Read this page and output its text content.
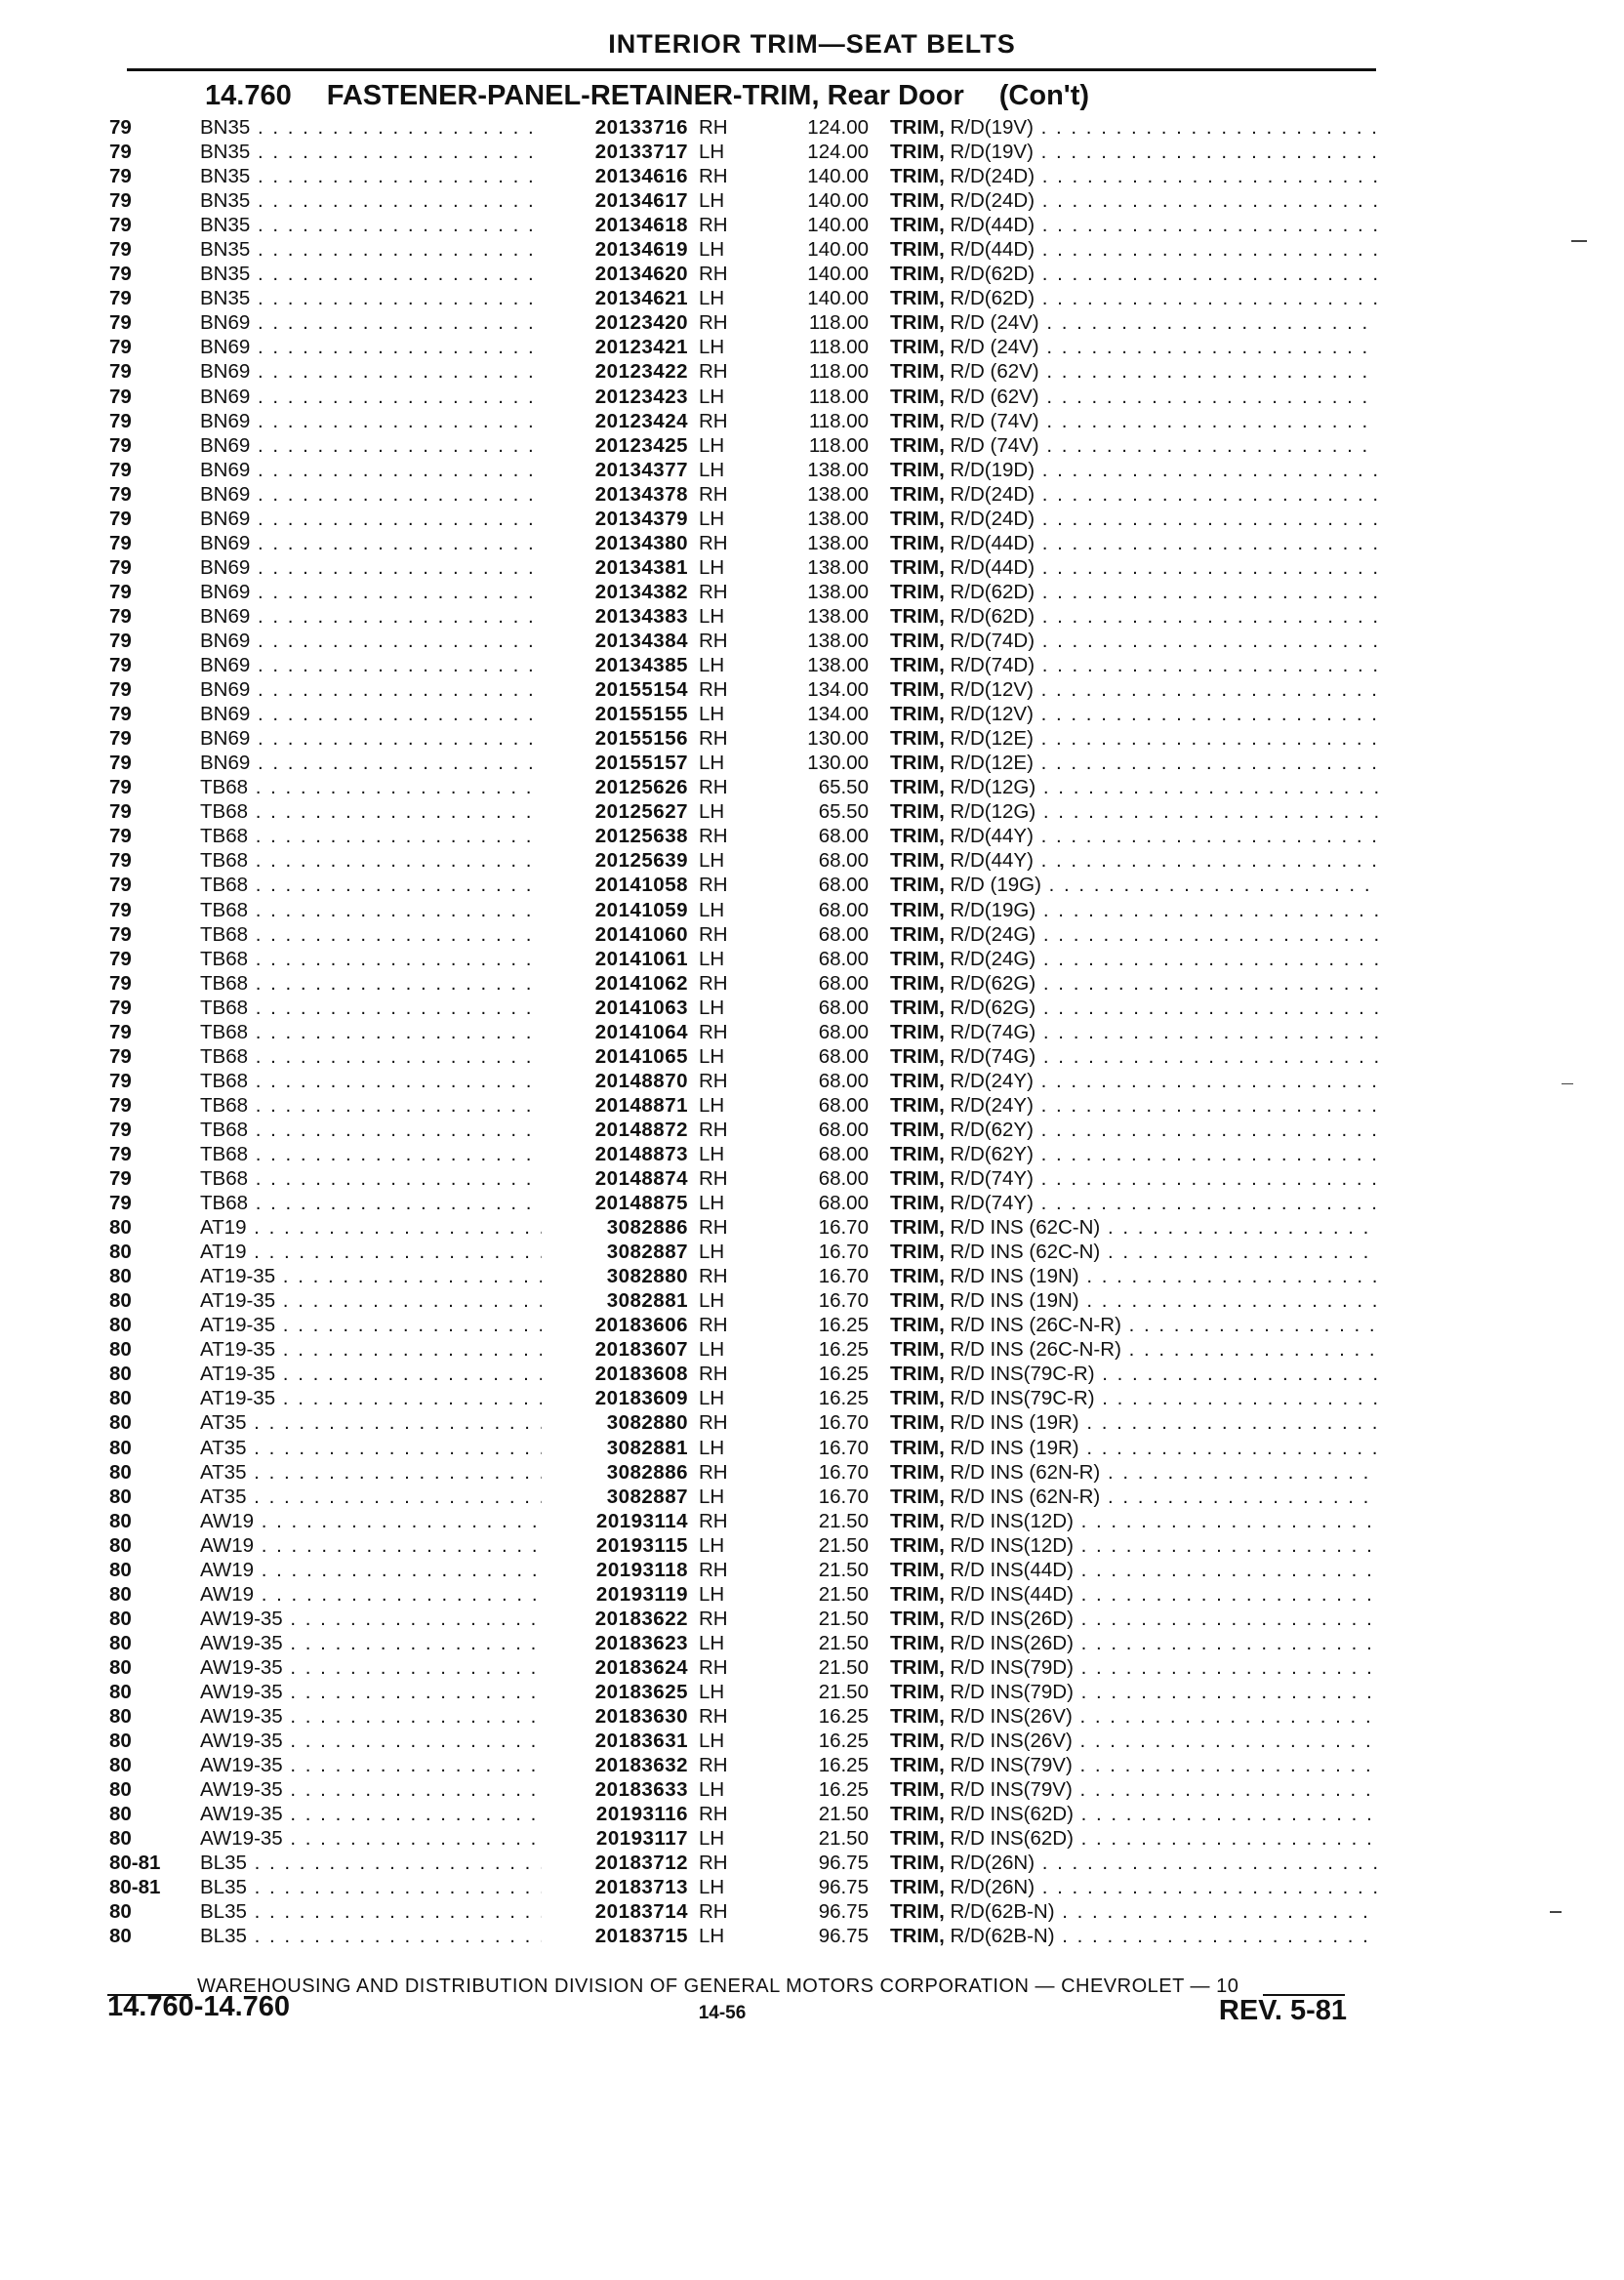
INTERIOR TRIM—SEAT BELTS
14.760 FASTENER-PANEL-RETAINER-TRIM, Rear Door (Con't)
79	BN35 . . .	20133716 RH	124.00 TRIM, R/D(19V) . . .
79	BN35 . . .	20133717 LH	124.00 TRIM, R/D(19V) . . .
79	BN35 . . .	20134616 RH	140.00 TRIM, R/D(24D) . . .
79	BN35 . . .	20134617 LH	140.00 TRIM, R/D(24D) . . .
79	BN35 . . .	20134618 RH	140.00 TRIM, R/D(44D) . . .
79	BN35 . . .	20134619 LH	140.00 TRIM, R/D(44D) . . .
79	BN35 . . .	20134620 RH	140.00 TRIM, R/D(62D) . . .
79	BN35 . . .	20134621 LH	140.00 TRIM, R/D(62D) . . .
79	BN69 . . .	20123420 RH	118.00 TRIM, R/D (24V) . . .
79	BN69 . . .	20123421 LH	118.00 TRIM, R/D (24V) . . .
79	BN69 . . .	20123422 RH	118.00 TRIM, R/D (62V) . . .
79	BN69 . . .	20123423 LH	118.00 TRIM, R/D (62V) . . .
79	BN69 . . .	20123424 RH	118.00 TRIM, R/D (74V) . . .
79	BN69 . . .	20123425 LH	118.00 TRIM, R/D (74V) . . .
79	BN69 . . .	20134377 LH	138.00 TRIM, R/D(19D) . . .
79	BN69 . . .	20134378 RH	138.00 TRIM, R/D(24D) . . .
79	BN69 . . .	20134379 LH	138.00 TRIM, R/D(24D) . . .
79	BN69 . . .	20134380 RH	138.00 TRIM, R/D(44D) . . .
79	BN69 . . .	20134381 LH	138.00 TRIM, R/D(44D) . . .
79	BN69 . . .	20134382 RH	138.00 TRIM, R/D(62D) . . .
79	BN69 . . .	20134383 LH	138.00 TRIM, R/D(62D) . . .
79	BN69 . . .	20134384 RH	138.00 TRIM, R/D(74D) . . .
79	BN69 . . .	20134385 LH	138.00 TRIM, R/D(74D) . . .
79	BN69 . . .	20155154 RH	134.00 TRIM, R/D(12V) . . .
79	BN69 . . .	20155155 LH	134.00 TRIM, R/D(12V) . . .
79	BN69 . . .	20155156 RH	130.00 TRIM, R/D(12E) . . .
79	BN69 . . .	20155157 LH	130.00 TRIM, R/D(12E) . . .
79	TB68 . . .	20125626 RH	65.50 TRIM, R/D(12G) . . .
79	TB68 . . .	20125627 LH	65.50 TRIM, R/D(12G) . . .
79	TB68 . . .	20125638 RH	68.00 TRIM, R/D(44Y) . . .
79	TB68 . . .	20125639 LH	68.00 TRIM, R/D(44Y) . . .
79	TB68 . . .	20141058 RH	68.00 TRIM, R/D (19G) . . .
79	TB68 . . .	20141059 LH	68.00 TRIM, R/D(19G) . . .
79	TB68 . . .	20141060 RH	68.00 TRIM, R/D(24G) . . .
79	TB68 . . .	20141061 LH	68.00 TRIM, R/D(24G) . . .
79	TB68 . . .	20141062 RH	68.00 TRIM, R/D(62G) . . .
79	TB68 . . .	20141063 LH	68.00 TRIM, R/D(62G) . . .
79	TB68 . . .	20141064 RH	68.00 TRIM, R/D(74G) . . .
79	TB68 . . .	20141065 LH	68.00 TRIM, R/D(74G) . . .
79	TB68 . . .	20148870 RH	68.00 TRIM, R/D(24Y) . . .
79	TB68 . . .	20148871 LH	68.00 TRIM, R/D(24Y) . . .
79	TB68 . . .	20148872 RH	68.00 TRIM, R/D(62Y) . . .
79	TB68 . . .	20148873 LH	68.00 TRIM, R/D(62Y) . . .
79	TB68 . . .	20148874 RH	68.00 TRIM, R/D(74Y) . . .
79	TB68 . . .	20148875 LH	68.00 TRIM, R/D(74Y) . . .
80	AT19 . . .	3082886 RH	16.70 TRIM, R/D INS (62C-N) . . .
80	AT19 . . .	3082887 LH	16.70 TRIM, R/D INS (62C-N) . . .
80	AT19-35 . . .	3082880 RH	16.70 TRIM, R/D INS (19N) . . .
80	AT19-35 . . .	3082881 LH	16.70 TRIM, R/D INS (19N) . . .
80	AT19-35 . . .	20183606 RH	16.25 TRIM, R/D INS (26C-N-R) . . .
80	AT19-35 . . .	20183607 LH	16.25 TRIM, R/D INS (26C-N-R) . . .
80	AT19-35 . . .	20183608 RH	16.25 TRIM, R/D INS(79C-R) . . .
80	AT19-35 . . .	20183609 LH	16.25 TRIM, R/D INS(79C-R) . . .
80	AT35 . . .	3082880 RH	16.70 TRIM, R/D INS (19R) . . .
80	AT35 . . .	3082881 LH	16.70 TRIM, R/D INS (19R) . . .
80	AT35 . . .	3082886 RH	16.70 TRIM, R/D INS (62N-R) . . .
80	AT35 . . .	3082887 LH	16.70 TRIM, R/D INS (62N-R) . . .
80	AW19 . . .	20193114 RH	21.50 TRIM, R/D INS(12D) . . .
80	AW19 . . .	20193115 LH	21.50 TRIM, R/D INS(12D) . . .
80	AW19 . . .	20193118 RH	21.50 TRIM, R/D INS(44D) . . .
80	AW19 . . .	20193119 LH	21.50 TRIM, R/D INS(44D) . . .
80	AW19-35 . . .	20183622 RH	21.50 TRIM, R/D INS(26D) . . .
80	AW19-35 . . .	20183623 LH	21.50 TRIM, R/D INS(26D) . . .
80	AW19-35 . . .	20183624 RH	21.50 TRIM, R/D INS(79D) . . .
80	AW19-35 . . .	20183625 LH	21.50 TRIM, R/D INS(79D) . . .
80	AW19-35 . . .	20183630 RH	16.25 TRIM, R/D INS(26V) . . .
80	AW19-35 . . .	20183631 LH	16.25 TRIM, R/D INS(26V) . . .
80	AW19-35 . . .	20183632 RH	16.25 TRIM, R/D INS(79V) . . .
80	AW19-35 . . .	20183633 LH	16.25 TRIM, R/D INS(79V) . . .
80	AW19-35 . . .	20193116 RH	21.50 TRIM, R/D INS(62D) . . .
80	AW19-35 . . .	20193117 LH	21.50 TRIM, R/D INS(62D) . . .
80-81	BL35 . . .	20183712 RH	96.75 TRIM, R/D(26N) . . .
80-81	BL35 . . .	20183713 LH	96.75 TRIM, R/D(26N) . . .
80	BL35 . . .	20183714 RH	96.75 TRIM, R/D(62B-N) . . .
80	BL35 . . .	20183715 LH	96.75 TRIM, R/D(62B-N) . . .
WAREHOUSING AND DISTRIBUTION DIVISION OF GENERAL MOTORS CORPORATION — CHEVROLET — 10
14.760-14.760	14-56	REV. 5-81
